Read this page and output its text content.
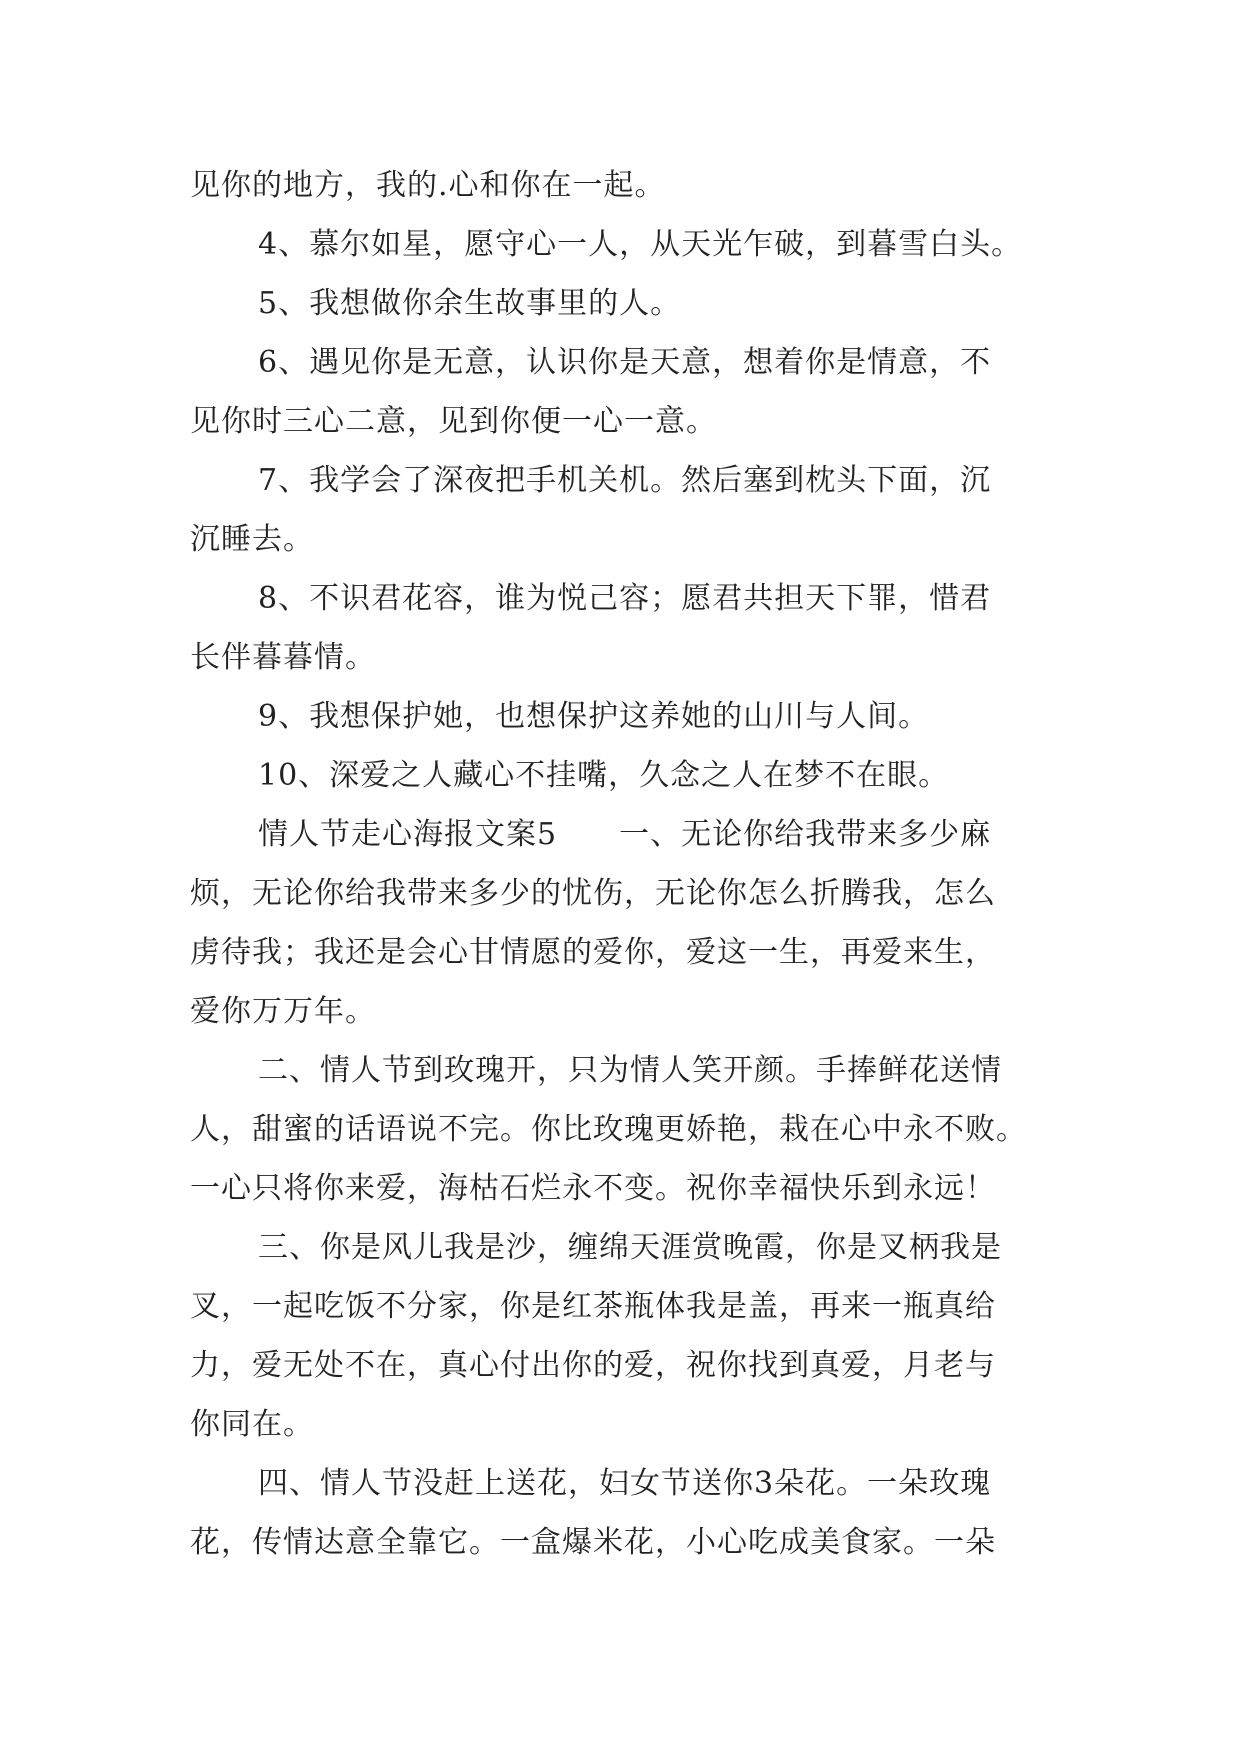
见你的地方，我的.心和你在一起。
4、慕尔如星，愿守心一人，从天光乍破，到暮雪白头。
5、我想做你余生故事里的人。
6、遇见你是无意，认识你是天意，想着你是情意，不
见你时三心二意，见到你便一心一意。
7、我学会了深夜把手机关机。然后塞到枕头下面，沉
沉睡去。
8、不识君花容，谁为悦己容；愿君共担天下罪，惜君
长伴暮暮情。
9、我想保护她，也想保护这养她的山川与人间。
10、深爱之人藏心不挂嘴，久念之人在梦不在眼。
情人节走心海报文案5　　一、无论你给我带来多少麻
烦，无论你给我带来多少的忧伤，无论你怎么折腾我，怎么
虏待我；我还是会心甘情愿的爱你，爱这一生，再爱来生，
爱你万万年。
二、情人节到玫瑰开，只为情人笑开颜。手捧鲜花送情
人，甜蜜的话语说不完。你比玫瑰更娇艳，栽在心中永不败。
一心只将你来爱，海枯石烂永不变。祝你幸福快乐到永远！
三、你是风儿我是沙，缠绵天涯赏晚霞，你是叉柄我是
叉，一起吃饭不分家，你是红茶瓶体我是盖，再来一瓶真给
力，爱无处不在，真心付出你的爱，祝你找到真爱，月老与
你同在。
四、情人节没赶上送花，妇女节送你3朵花。一朵玫瑰
花，传情达意全靠它。一盒爆米花，小心吃成美食家。一朵
